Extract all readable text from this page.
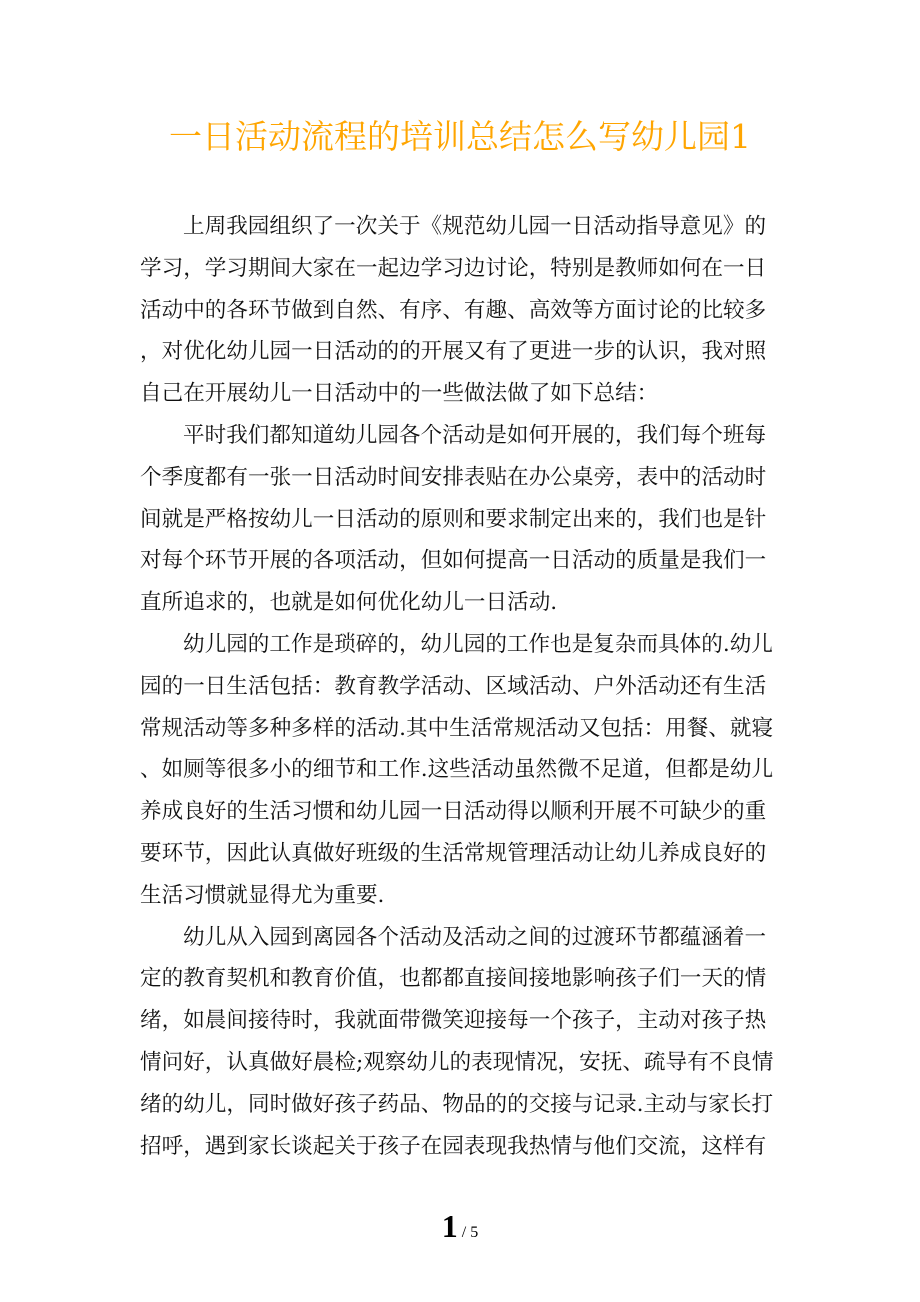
一日活动流程的培训总结怎么写幼儿园1
上周我园组织了一次关于《规范幼儿园一日活动指导意见》的
学习，学习期间大家在一起边学习边讨论，特别是教师如何在一日
活动中的各环节做到自然、有序、有趣、高效等方面讨论的比较多
，对优化幼儿园一日活动的的开展又有了更进一步的认识，我对照
自己在开展幼儿一日活动中的一些做法做了如下总结：
平时我们都知道幼儿园各个活动是如何开展的，我们每个班每
个季度都有一张一日活动时间安排表贴在办公桌旁，表中的活动时
间就是严格按幼儿一日活动的原则和要求制定出来的，我们也是针
对每个环节开展的各项活动，但如何提高一日活动的质量是我们一
直所追求的，也就是如何优化幼儿一日活动.
幼儿园的工作是琐碎的，幼儿园的工作也是复杂而具体的.幼儿
园的一日生活包括：教育教学活动、区域活动、户外活动还有生活
常规活动等多种多样的活动.其中生活常规活动又包括：用餐、就寝
、如厕等很多小的细节和工作.这些活动虽然微不足道，但都是幼儿
养成良好的生活习惯和幼儿园一日活动得以顺利开展不可缺少的重
要环节，因此认真做好班级的生活常规管理活动让幼儿养成良好的
生活习惯就显得尤为重要.
幼儿从入园到离园各个活动及活动之间的过渡环节都蕴涵着一
定的教育契机和教育价值，也都都直接间接地影响孩子们一天的情
绪，如晨间接待时，我就面带微笑迎接每一个孩子，主动对孩子热
情问好，认真做好晨检;观察幼儿的表现情况，安抚、疏导有不良情
绪的幼儿，同时做好孩子药品、物品的的交接与记录.主动与家长打
招呼，遇到家长谈起关于孩子在园表现我热情与他们交流，这样有
1 / 5
